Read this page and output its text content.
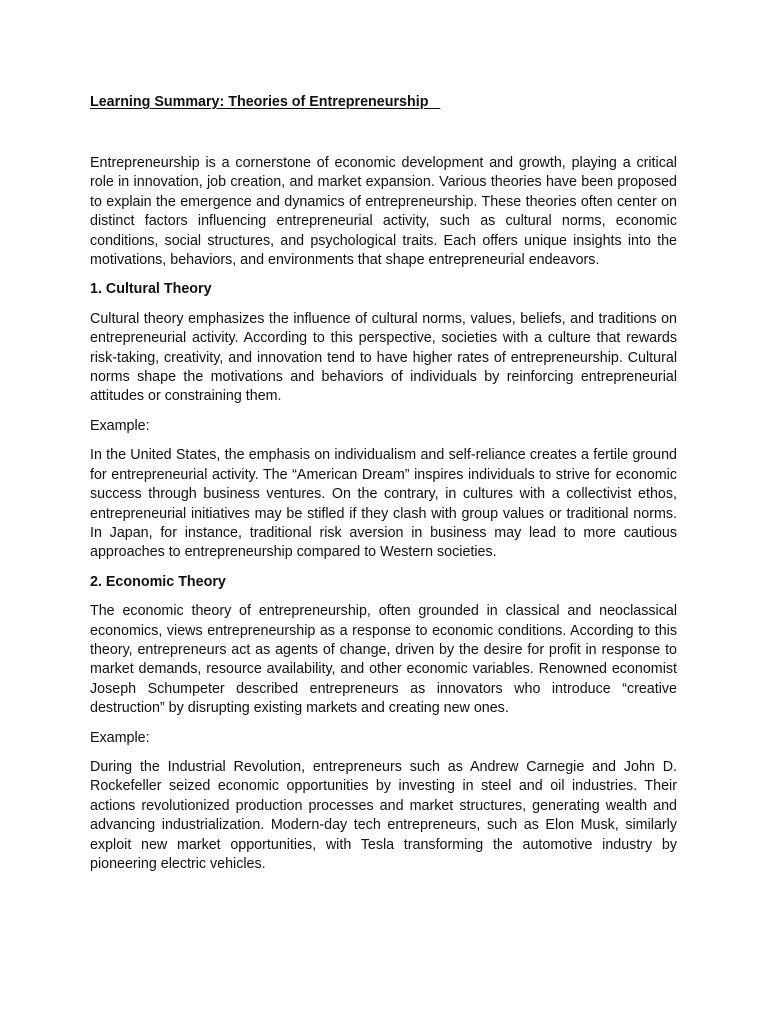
Learning Summary: Theories of Entrepreneurship

Entrepreneurship is a cornerstone of economic development and growth, playing a critical role in innovation, job creation, and market expansion. Various theories have been proposed to explain the emergence and dynamics of entrepreneurship. These theories often center on distinct factors influencing entrepreneurial activity, such as cultural norms, economic conditions, social structures, and psychological traits. Each offers unique insights into the motivations, behaviors, and environments that shape entrepreneurial endeavors.

1. Cultural Theory

Cultural theory emphasizes the influence of cultural norms, values, beliefs, and traditions on entrepreneurial activity. According to this perspective, societies with a culture that rewards risk-taking, creativity, and innovation tend to have higher rates of entrepreneurship. Cultural norms shape the motivations and behaviors of individuals by reinforcing entrepreneurial attitudes or constraining them.

Example:

In the United States, the emphasis on individualism and self-reliance creates a fertile ground for entrepreneurial activity. The “American Dream” inspires individuals to strive for economic success through business ventures. On the contrary, in cultures with a collectivist ethos, entrepreneurial initiatives may be stifled if they clash with group values or traditional norms. In Japan, for instance, traditional risk aversion in business may lead to more cautious approaches to entrepreneurship compared to Western societies.

2. Economic Theory

The economic theory of entrepreneurship, often grounded in classical and neoclassical economics, views entrepreneurship as a response to economic conditions. According to this theory, entrepreneurs act as agents of change, driven by the desire for profit in response to market demands, resource availability, and other economic variables. Renowned economist Joseph Schumpeter described entrepreneurs as innovators who introduce “creative destruction” by disrupting existing markets and creating new ones.

Example:

During the Industrial Revolution, entrepreneurs such as Andrew Carnegie and John D. Rockefeller seized economic opportunities by investing in steel and oil industries. Their actions revolutionized production processes and market structures, generating wealth and advancing industrialization. Modern-day tech entrepreneurs, such as Elon Musk, similarly exploit new market opportunities, with Tesla transforming the automotive industry by pioneering electric vehicles.
